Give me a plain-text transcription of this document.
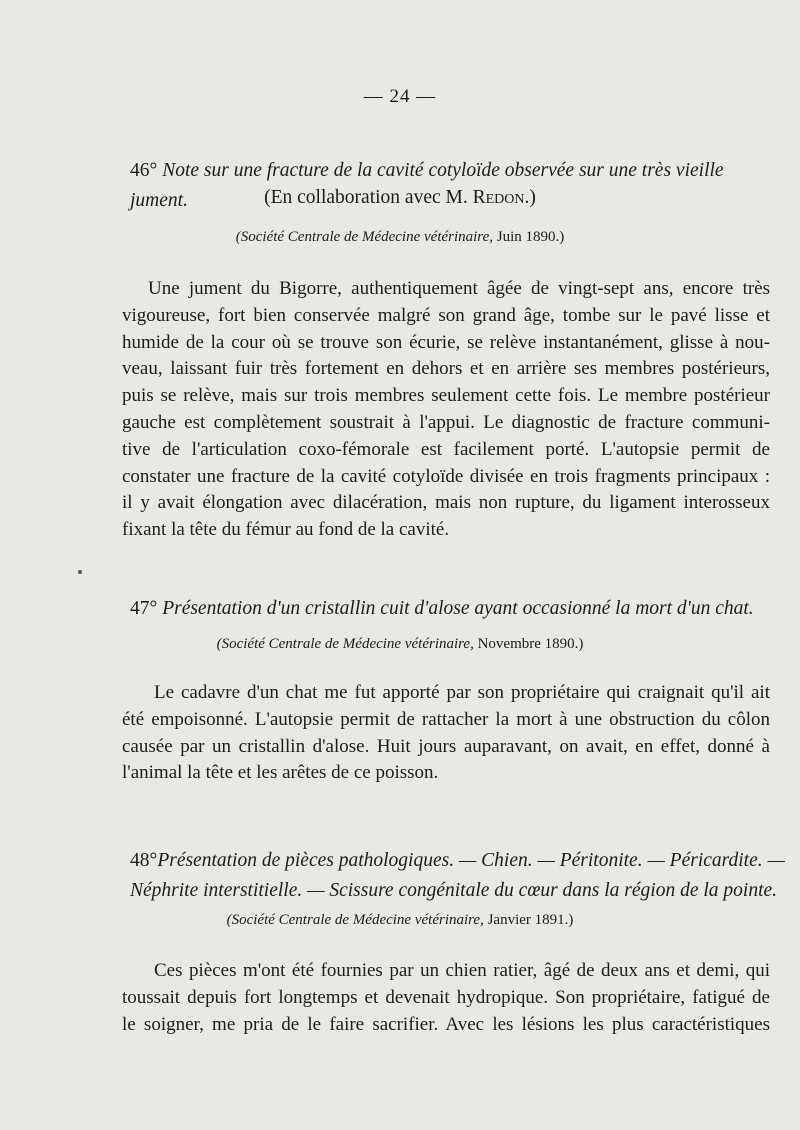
— 24 —
46° Note sur une fracture de la cavité cotyloïde observée sur une très vieille jument.	(En collaboration avec M. Redon.)
(Société Centrale de Médecine vétérinaire, Juin 1890.)
Une jument du Bigorre, authentiquement âgée de vingt-sept ans, encore très
vigoureuse, fort bien conservée malgré son grand âge, tombe sur le pavé lisse et
humide de la cour où se trouve son écurie, se relève instantanément, glisse à nou-
veau, laissant fuir très fortement en dehors et en arrière ses membres postérieurs,
puis se relève, mais sur trois membres seulement cette fois. Le membre postérieur
gauche est complètement soustrait à l'appui. Le diagnostic de fracture communi-
tive de l'articulation coxo-fémorale est facilement porté. L'autopsie permit de
constater une fracture de la cavité cotyloïde divisée en trois fragments principaux :
il y avait élongation avec dilacération, mais non rupture, du ligament interosseux
fixant la tête du fémur au fond de la cavité.
47° Présentation d'un cristallin cuit d'alose ayant occasionné la mort d'un chat.
(Société Centrale de Médecine vétérinaire, Novembre 1890.)
Le cadavre d'un chat me fut apporté par son propriétaire qui craignait qu'il ait
été empoisonné. L'autopsie permit de rattacher la mort à une obstruction du côlon
causée par un cristallin d'alose. Huit jours auparavant, on avait, en effet, donné à
l'animal la tête et les arêtes de ce poisson.
48°Présentation de pièces pathologiques. — Chien. — Péritonite. — Péricardite. —
Néphrite interstitielle. — Scissure congénitale du cœur dans la région de la pointe.
(Société Centrale de Médecine vétérinaire, Janvier 1891.)
Ces pièces m'ont été fournies par un chien ratier, âgé de deux ans et demi, qui
toussait depuis fort longtemps et devenait hydropique. Son propriétaire, fatigué de
le soigner, me pria de le faire sacrifier. Avec les lésions les plus caractéristiques
